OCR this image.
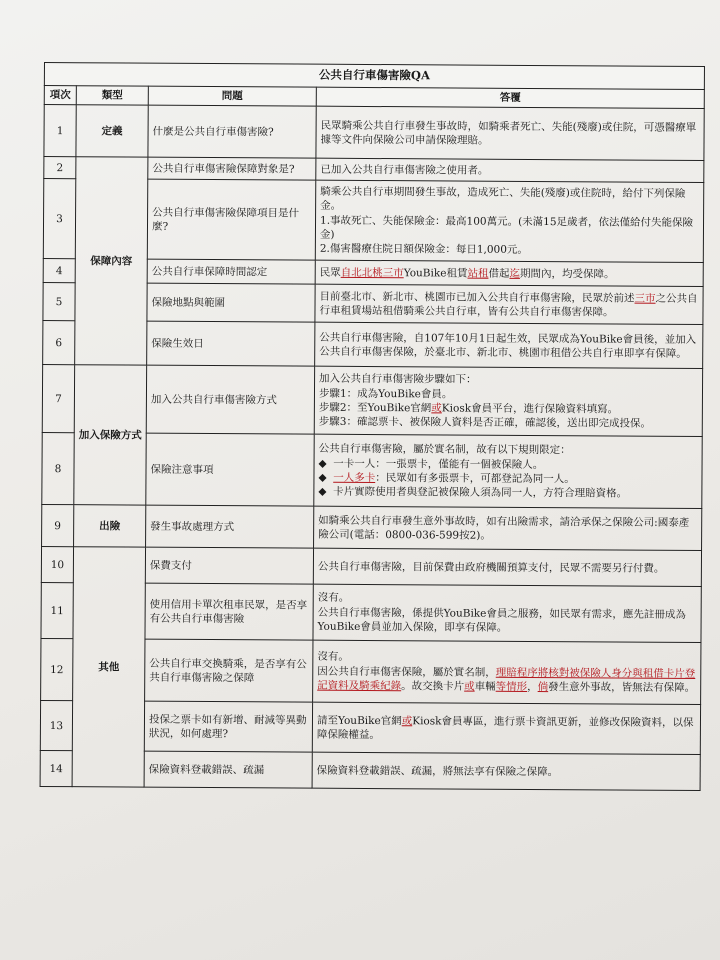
公共自行車傷害險QA			
項次	類型	問題	答覆
1	定義	什麼是公共自行車傷害險?	民眾騎乘公共自行車發生事故時，如騎乘者死亡、失能(殘廢)或住院，可憑醫療單據等文件向保險公司申請保險理賠。
2	保障內容	公共自行車傷害險保障對象是?	已加入公共自行車傷害險之使用者。
3		公共自行車傷害險保障項目是什麼?	騎乘公共自行車期間發生事故，造成死亡、失能(殘廢)或住院時，給付下列保險金。
1.事故死亡、失能保險金：最高100萬元。(未滿15足歲者，依法僅給付失能保險金)
2.傷害醫療住院日額保險金：每日1,000元。

4		公共自行車保障時間認定	民眾自北北桃三市YouBike租賃站租借起迄期間內，均受保障。
5		保險地點與範圍	目前臺北市、新北市、桃園市已加入公共自行車傷害險，民眾於前述三市之公共自行車租賃場站租借騎乘公共自行車，皆有公共自行車傷害保障。
6		保險生效日	公共自行車傷害險，自107年10月1日起生效，民眾成為YouBike會員後，並加入公共自行車傷害保險，於臺北市、新北市、桃園市租借公共自行車即享有保障。
7	加入保險方式	加入公共自行車傷害險方式	加入公共自行車傷害險步驟如下：
步驟1：成為YouBike會員。
步驟2：至YouBike官網或Kiosk會員平台，進行保險資料填寫。
步驟3：確認票卡、被保險人資料是否正確，確認後，送出即完成投保。

8		保險注意事項	公共自行車傷害險，屬於實名制，故有以下規則限定：
◆  一卡一人：一張票卡，僅能有一個被保險人。
◆  一人多卡：民眾如有多張票卡，可都登記為同一人。
◆  卡片實際使用者與登記被保險人須為同一人，方符合理賠資格。

9	出險	發生事故處理方式	如騎乘公共自行車發生意外事故時，如有出險需求，請洽承保之保險公司:國泰產險公司(電話：0800-036-599按2)。
10	其他	保費支付	公共自行車傷害險，目前保費由政府機關預算支付，民眾不需要另行付費。
11		使用信用卡單次租車民眾，是否享有公共自行車傷害險	沒有。
公共自行車傷害險，係提供YouBike會員之服務，如民眾有需求，應先註冊成為YouBike會員並加入保險，即享有保障。

12		公共自行車交換騎乘，是否享有公共自行車傷害險之保障	沒有。
因公共自行車傷害保險，屬於實名制，理賠程序將核對被保險人身分與租借卡片登記資料及騎乘紀錄。故交換卡片或車輛等情形，倘發生意外事故，皆無法有保障。

13		投保之票卡如有新增、耐減等異動狀況，如何處理?	請至YouBike官網或Kiosk會員專區，進行票卡資訊更新，並修改保險資料，以保障保險權益。
14		保險資料登載錯誤、疏漏	保險資料登載錯誤、疏漏，將無法享有保險之保障。
